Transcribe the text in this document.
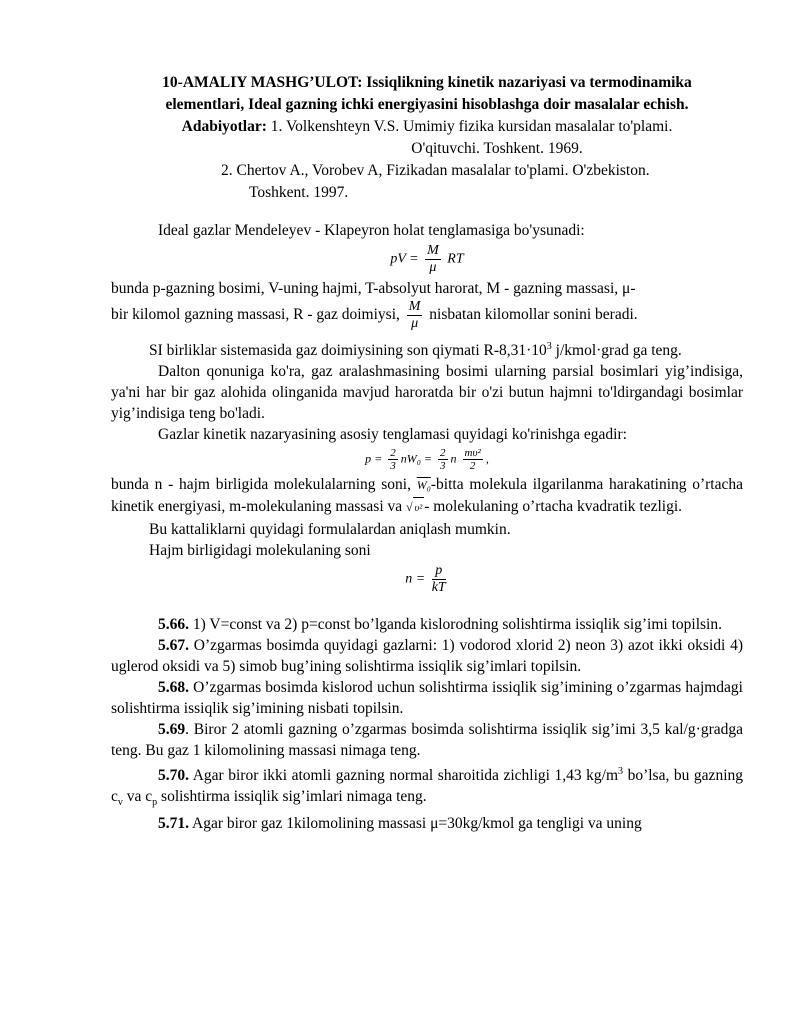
10-AMALIY MASHG’ULOT: Issiqlikning kinetik nazariyasi va termodinamika
elementlari, Ideal gazning ichki energiyasini hisoblashga doir masalalar echish.
Adabiyotlar: 1. Volkenshteyn V.S. Umimiy fizika kursidan masalalar to'plami.
O'qituvchi. Toshkent. 1969.
2. Chertov A., Vorobev A, Fizikadan masalalar to'plami. O'zbekiston.
Toshkent. 1997.

Ideal gazlar Mendeleyev - Klapeyron holat tenglamasiga bo'ysunadi:

pV = $\frac{M}{\mu}$ RT

bunda p-gazning bosimi, V-uning hajmi, T-absolyut harorat, M - gazning massasi, μ-
bir kilomol gazning massasi, R - gaz doimiysi, $\frac{M}{\mu}$ nisbatan kilomollar sonini beradi.

SI birliklar sistemasida gaz doimiysining son qiymati $R-8,31\cdot 10^3$ j/kmol·grad ga teng.

Dalton qonuniga ko'ra, gaz aralashmasining bosimi ularning parsial bosimlari yig’indisiga, ya'ni har bir gaz alohida olinganida mavjud haroratda bir o'zi butun hajmni to'ldirgandagi bosimlar yig’indisiga teng bo'ladi.

Gazlar kinetik nazaryasining asosiy tenglamasi quyidagi ko'rinishga egadir:

$p = \frac{2}{3} nW_0 = \frac{2}{3}$ n $\frac{\text{mυ²}}{2}$ ,

bunda n - hajm birligida molekulalarning soni, W₀-bitta molekula ilgarilanma harakatining o’rtacha kinetik energiyasi, m-molekulaning massasi va √ υ² - molekulaning o’rtacha kvadratik tezligi.

Bu kattaliklarni quyidagi formulalardan aniqlash mumkin.

Hajm birligidagi molekulaning soni

$n = \frac{p}{kT}$

5.66. 1) V=const va 2) p=const bo’lganda kislorodning solishtirma issiqlik sig’imi topilsin.

5.67. O’zgarmas bosimda quyidagi gazlarni: 1) vodorod xlorid 2) neon 3) azot ikki oksidi 4) uglerod oksidi va 5) simob bug’ining solishtirma issiqlik sig’imlari topilsin.

5.68. O’zgarmas bosimda kislorod uchun solishtirma issiqlik sig’imining o’zgarmas hajmdagi solishtirma issiqlik sig’imining nisbati topilsin.

5.69. Biror 2 atomli gazning o’zgarmas bosimda solishtirma issiqlik sig’imi 3,5 kal/g·gradga teng. Bu gaz 1 kilomolining massasi nimaga teng.

5.70. Agar biror ikki atomli gazning normal sharoitida zichligi 1,43 $kg/m^3$ bo’lsa, bu gazning $c_v$ va $c_p$ solishtirma issiqlik sig’imlari nimaga teng.

5.71. Agar biror gaz 1kilomolining massasi μ=30kg/kmol ga tengligi va uning
